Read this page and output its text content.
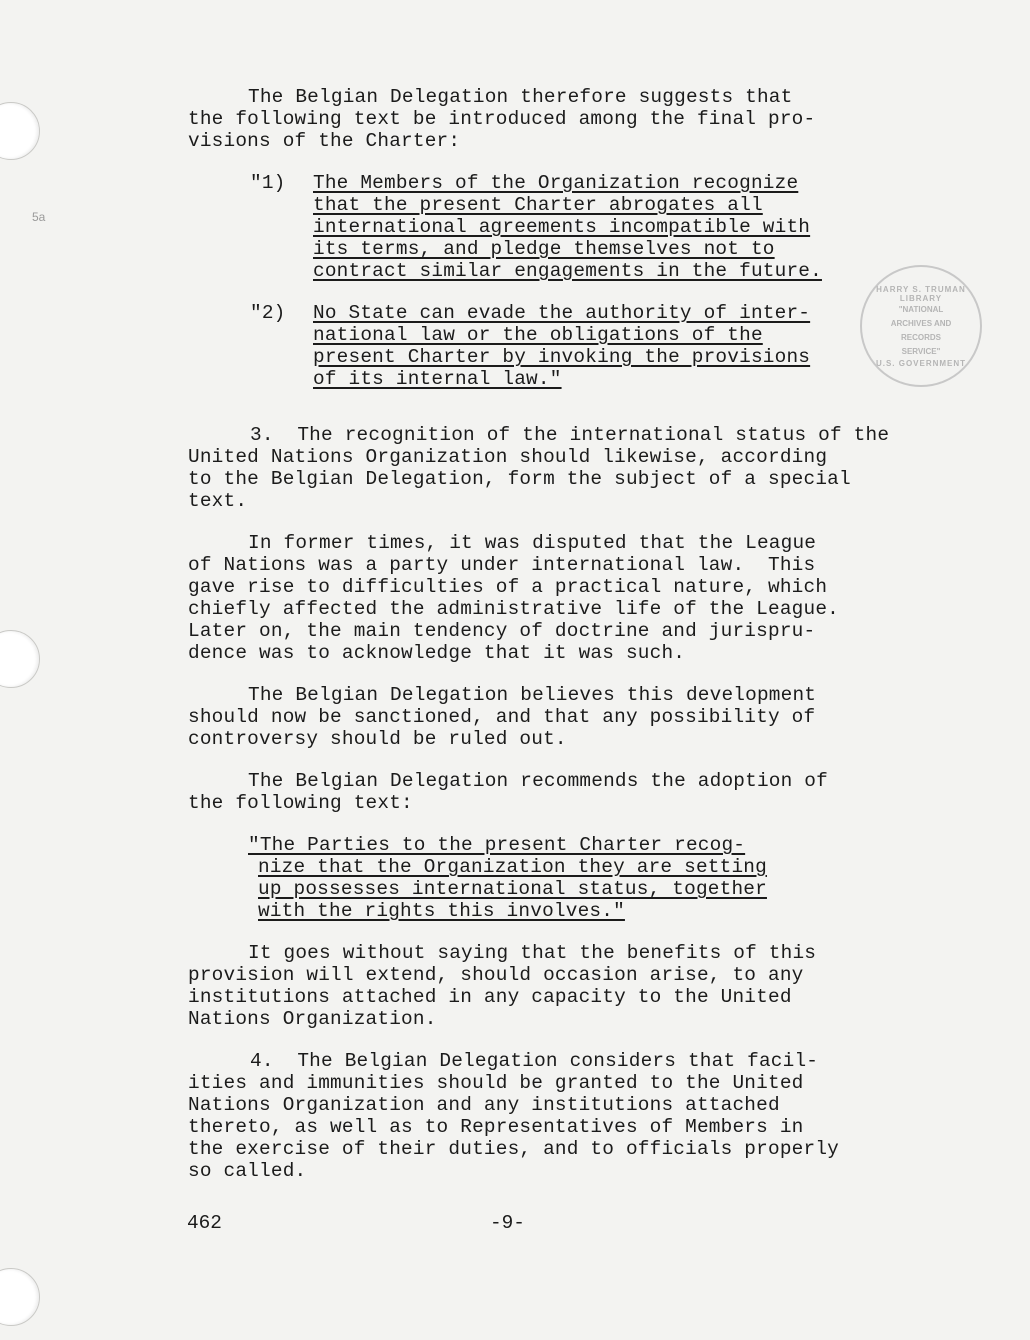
5a
The Belgian Delegation therefore suggests that
the following text be introduced among the final pro-
visions of the Charter:
"1) The Members of the Organization recognize
that the present Charter abrogates all
international agreements incompatible with
its terms, and pledge themselves not to
contract similar engagements in the future.
"2) No State can evade the authority of inter-
national law or the obligations of the
present Charter by invoking the provisions
of its internal law."
3.  The recognition of the international status of the
United Nations Organization should likewise, according
to the Belgian Delegation, form the subject of a special
text.
In former times, it was disputed that the League
of Nations was a party under international law.  This
gave rise to difficulties of a practical nature, which
chiefly affected the administrative life of the League.
Later on, the main tendency of doctrine and jurispru-
dence was to acknowledge that it was such.
The Belgian Delegation believes this development
should now be sanctioned, and that any possibility of
controversy should be ruled out.
The Belgian Delegation recommends the adoption of
the following text:
"The Parties to the present Charter recog-
nize that the Organization they are setting
up possesses international status, together
with the rights this involves."
It goes without saying that the benefits of this
provision will extend, should occasion arise, to any
institutions attached in any capacity to the United
Nations Organization.
4.  The Belgian Delegation considers that facil-
ities and immunities should be granted to the United
Nations Organization and any institutions attached
thereto, as well as to Representatives of Members in
the exercise of their duties, and to officials properly
so called.
HARRY S. TRUMAN LIBRARY
"NATIONAL
ARCHIVES AND
RECORDS
SERVICE"
U.S. GOVERNMENT
462	-9-
